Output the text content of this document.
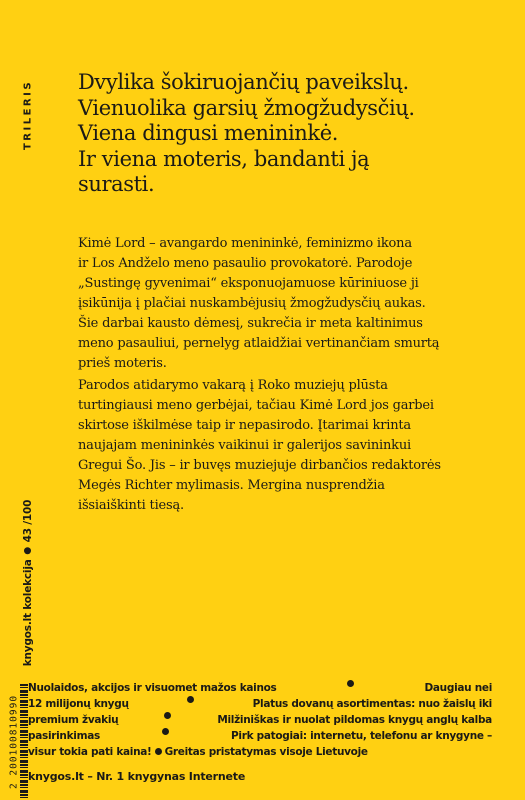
TRILERIS
knygos.lt kolekcija43 /100
Dvylika šokiruojančių paveikslų.
Vienuolika garsių žmogžudysčių.
Viena dingusi menininkė.
Ir viena moteris, bandanti ją
surasti.
Kimė Lord – avangardo menininkė, feminizmo ikona
ir Los Andželo meno pasaulio provokatorė. Parodoje
„Sustingę gyvenimai“ eksponuojamuose kūriniuose ji
įsikūnija į plačiai nuskambėjusių žmogžudysčių aukas.
Šie darbai kausto dėmesį, sukrečia ir meta kaltinimus
meno pasauliui, pernelyg atlaidžiai vertinančiam smurtą
prieš moteris.
Parodos atidarymo vakarą į Roko muziejų plūsta
turtingiausi meno gerbėjai, tačiau Kimė Lord jos garbei
skirtose iškilmėse taip ir nepasirodo. Įtarimai krinta
naujajam menininkės vaikinui ir galerijos savininkui
Gregui Šo. Jis – ir buvęs muziejuje dirbančios redaktorės
Megės Richter mylimasis. Mergina nusprendžia
išsiaiškinti tiesą.
Nuolaidos, akcijos ir visuomet mažos kainos	Daugiau nei
12 milijonų knygų	Platus dovanų asortimentas: nuo žaislų iki
premium žvakių	Milžiniškas ir nuolat pildomas knygų anglų kalba
pasirinkimas	Pirk patogiai: internetu, telefonu ar knygyne –
visur tokia pati kaina! Greitas pristatymas visoje Lietuvoje
knygos.lt – Nr. 1 knygynas Internete
2 200100810990
